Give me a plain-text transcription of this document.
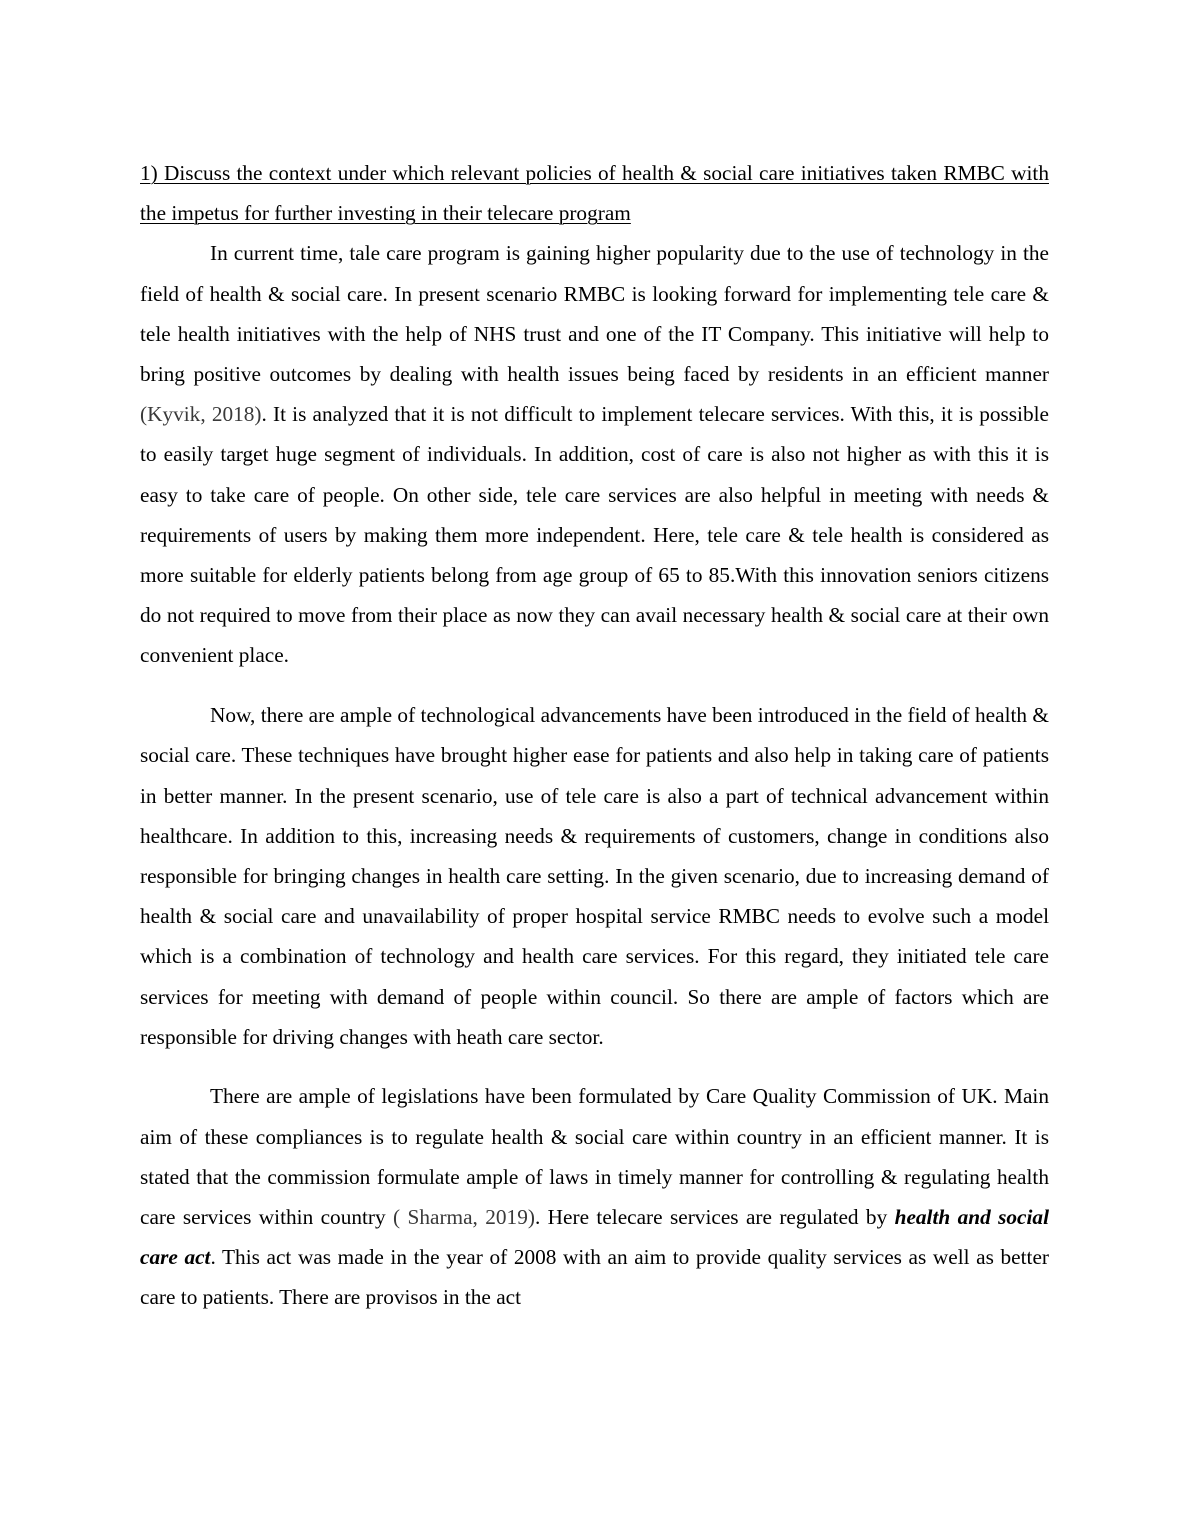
1) Discuss the context under which relevant policies of health & social care initiatives taken RMBC with the impetus for further investing in their telecare program

In current time, tale care program is gaining higher popularity due to the use of technology in the field of health & social care. In present scenario RMBC is looking forward for implementing tele care & tele health initiatives with the help of NHS trust and one of the IT Company. This initiative will help to bring positive outcomes by dealing with health issues being faced by residents in an efficient manner (Kyvik, 2018). It is analyzed that it is not difficult to implement telecare services. With this, it is possible to easily target huge segment of individuals. In addition, cost of care is also not higher as with this it is easy to take care of people. On other side, tele care services are also helpful in meeting with needs & requirements of users by making them more independent. Here, tele care & tele health is considered as more suitable for elderly patients belong from age group of 65 to 85.With this innovation seniors citizens do not required to move from their place as now they can avail necessary health & social care at their own convenient place.

Now, there are ample of technological advancements have been introduced in the field of health & social care. These techniques have brought higher ease for patients and also help in taking care of patients in better manner. In the present scenario, use of tele care is also a part of technical advancement within healthcare. In addition to this, increasing needs & requirements of customers, change in conditions also responsible for bringing changes in health care setting. In the given scenario, due to increasing demand of health & social care and unavailability of proper hospital service RMBC needs to evolve such a model which is a combination of technology and health care services. For this regard, they initiated tele care services for meeting with demand of people within council. So there are ample of factors which are responsible for driving changes with heath care sector.

There are ample of legislations have been formulated by Care Quality Commission of UK. Main aim of these compliances is to regulate health & social care within country in an efficient manner. It is stated that the commission formulate ample of laws in timely manner for controlling & regulating health care services within country ( Sharma, 2019). Here telecare services are regulated by health and social care act. This act was made in the year of 2008 with an aim to provide quality services as well as better care to patients. There are provisos in the act
